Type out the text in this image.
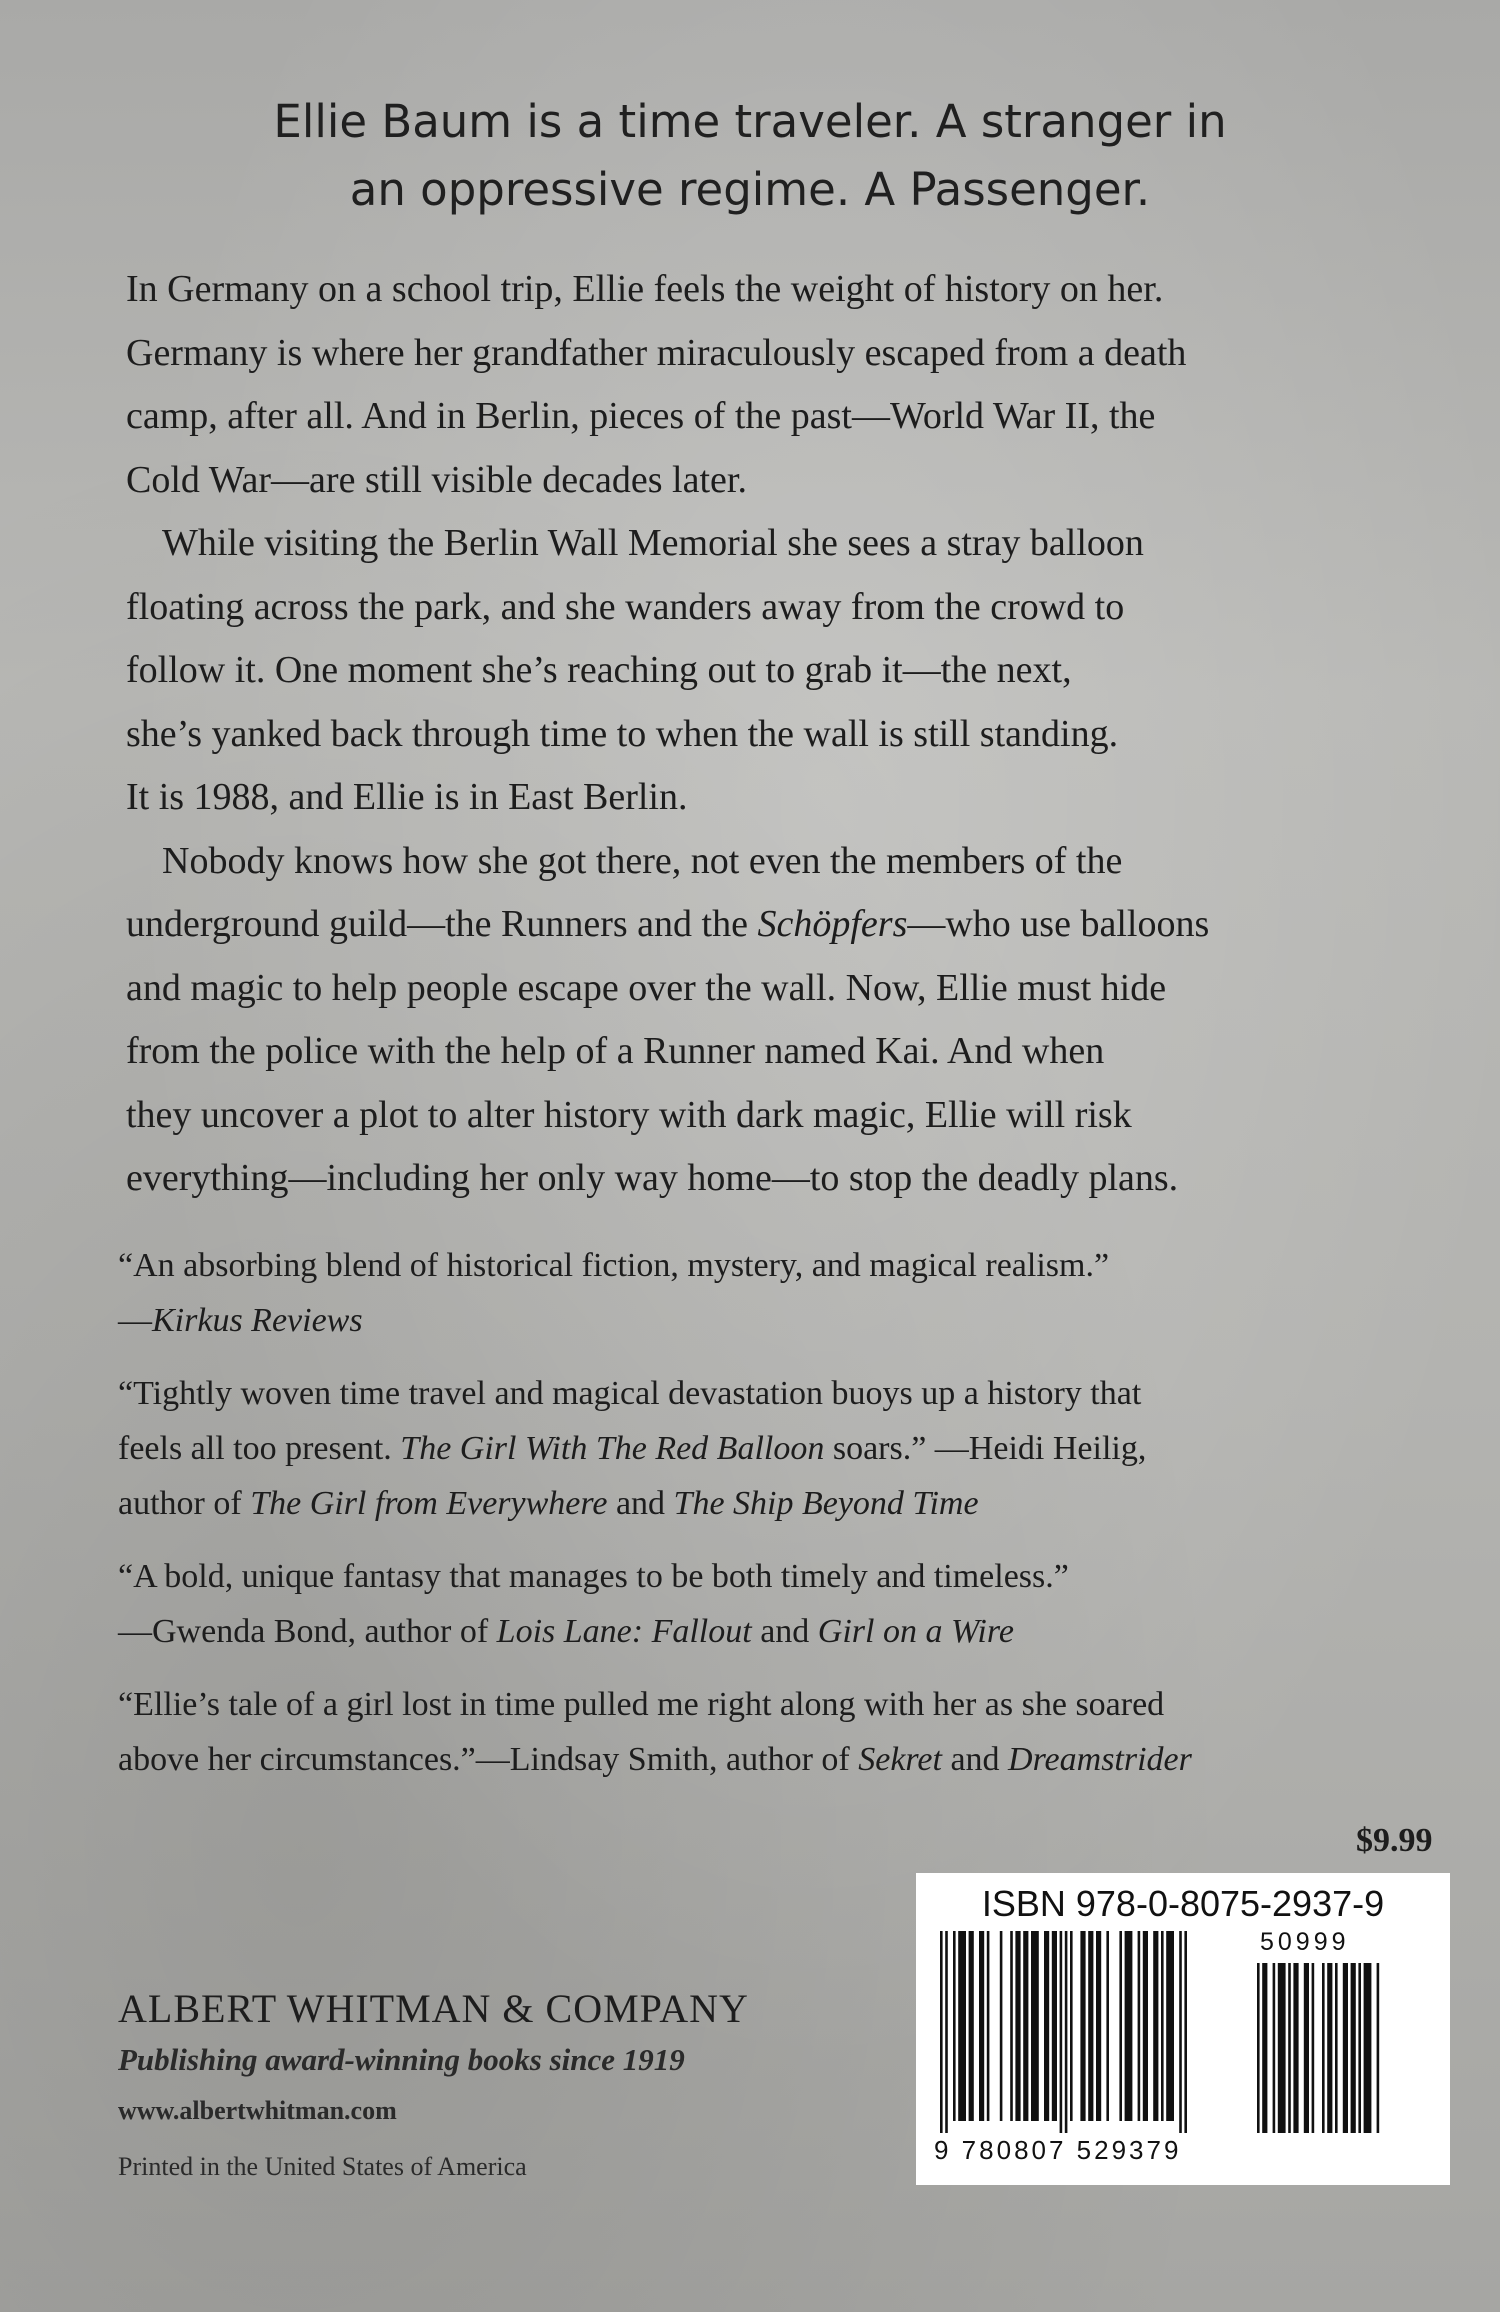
Ellie Baum is a time traveler. A stranger in
an oppressive regime. A Passenger.
In Germany on a school trip, Ellie feels the weight of history on her.
Germany is where her grandfather miraculously escaped from a death
camp, after all. And in Berlin, pieces of the past—World War II, the
Cold War—are still visible decades later.
While visiting the Berlin Wall Memorial she sees a stray balloon
floating across the park, and she wanders away from the crowd to
follow it. One moment she’s reaching out to grab it—the next,
she’s yanked back through time to when the wall is still standing.
It is 1988, and Ellie is in East Berlin.
Nobody knows how she got there, not even the members of the
underground guild—the Runners and the Schöpfers—who use balloons
and magic to help people escape over the wall. Now, Ellie must hide
from the police with the help of a Runner named Kai. And when
they uncover a plot to alter history with dark magic, Ellie will risk
everything—including her only way home—to stop the deadly plans.
“An absorbing blend of historical fiction, mystery, and magical realism.”
—Kirkus Reviews
“Tightly woven time travel and magical devastation buoys up a history that
feels all too present. The Girl With The Red Balloon soars.” —Heidi Heilig,
author of The Girl from Everywhere and The Ship Beyond Time
“A bold, unique fantasy that manages to be both timely and timeless.”
—Gwenda Bond, author of Lois Lane: Fallout and Girl on a Wire
“Ellie’s tale of a girl lost in time pulled me right along with her as she soared
above her circumstances.”—Lindsay Smith, author of Sekret and Dreamstrider
$9.99
ISBN 978-0-8075-2937-9
50999
9 780807 529379
ALBERT WHITMAN & COMPANY
Publishing award-winning books since 1919
www.albertwhitman.com
Printed in the United States of America
